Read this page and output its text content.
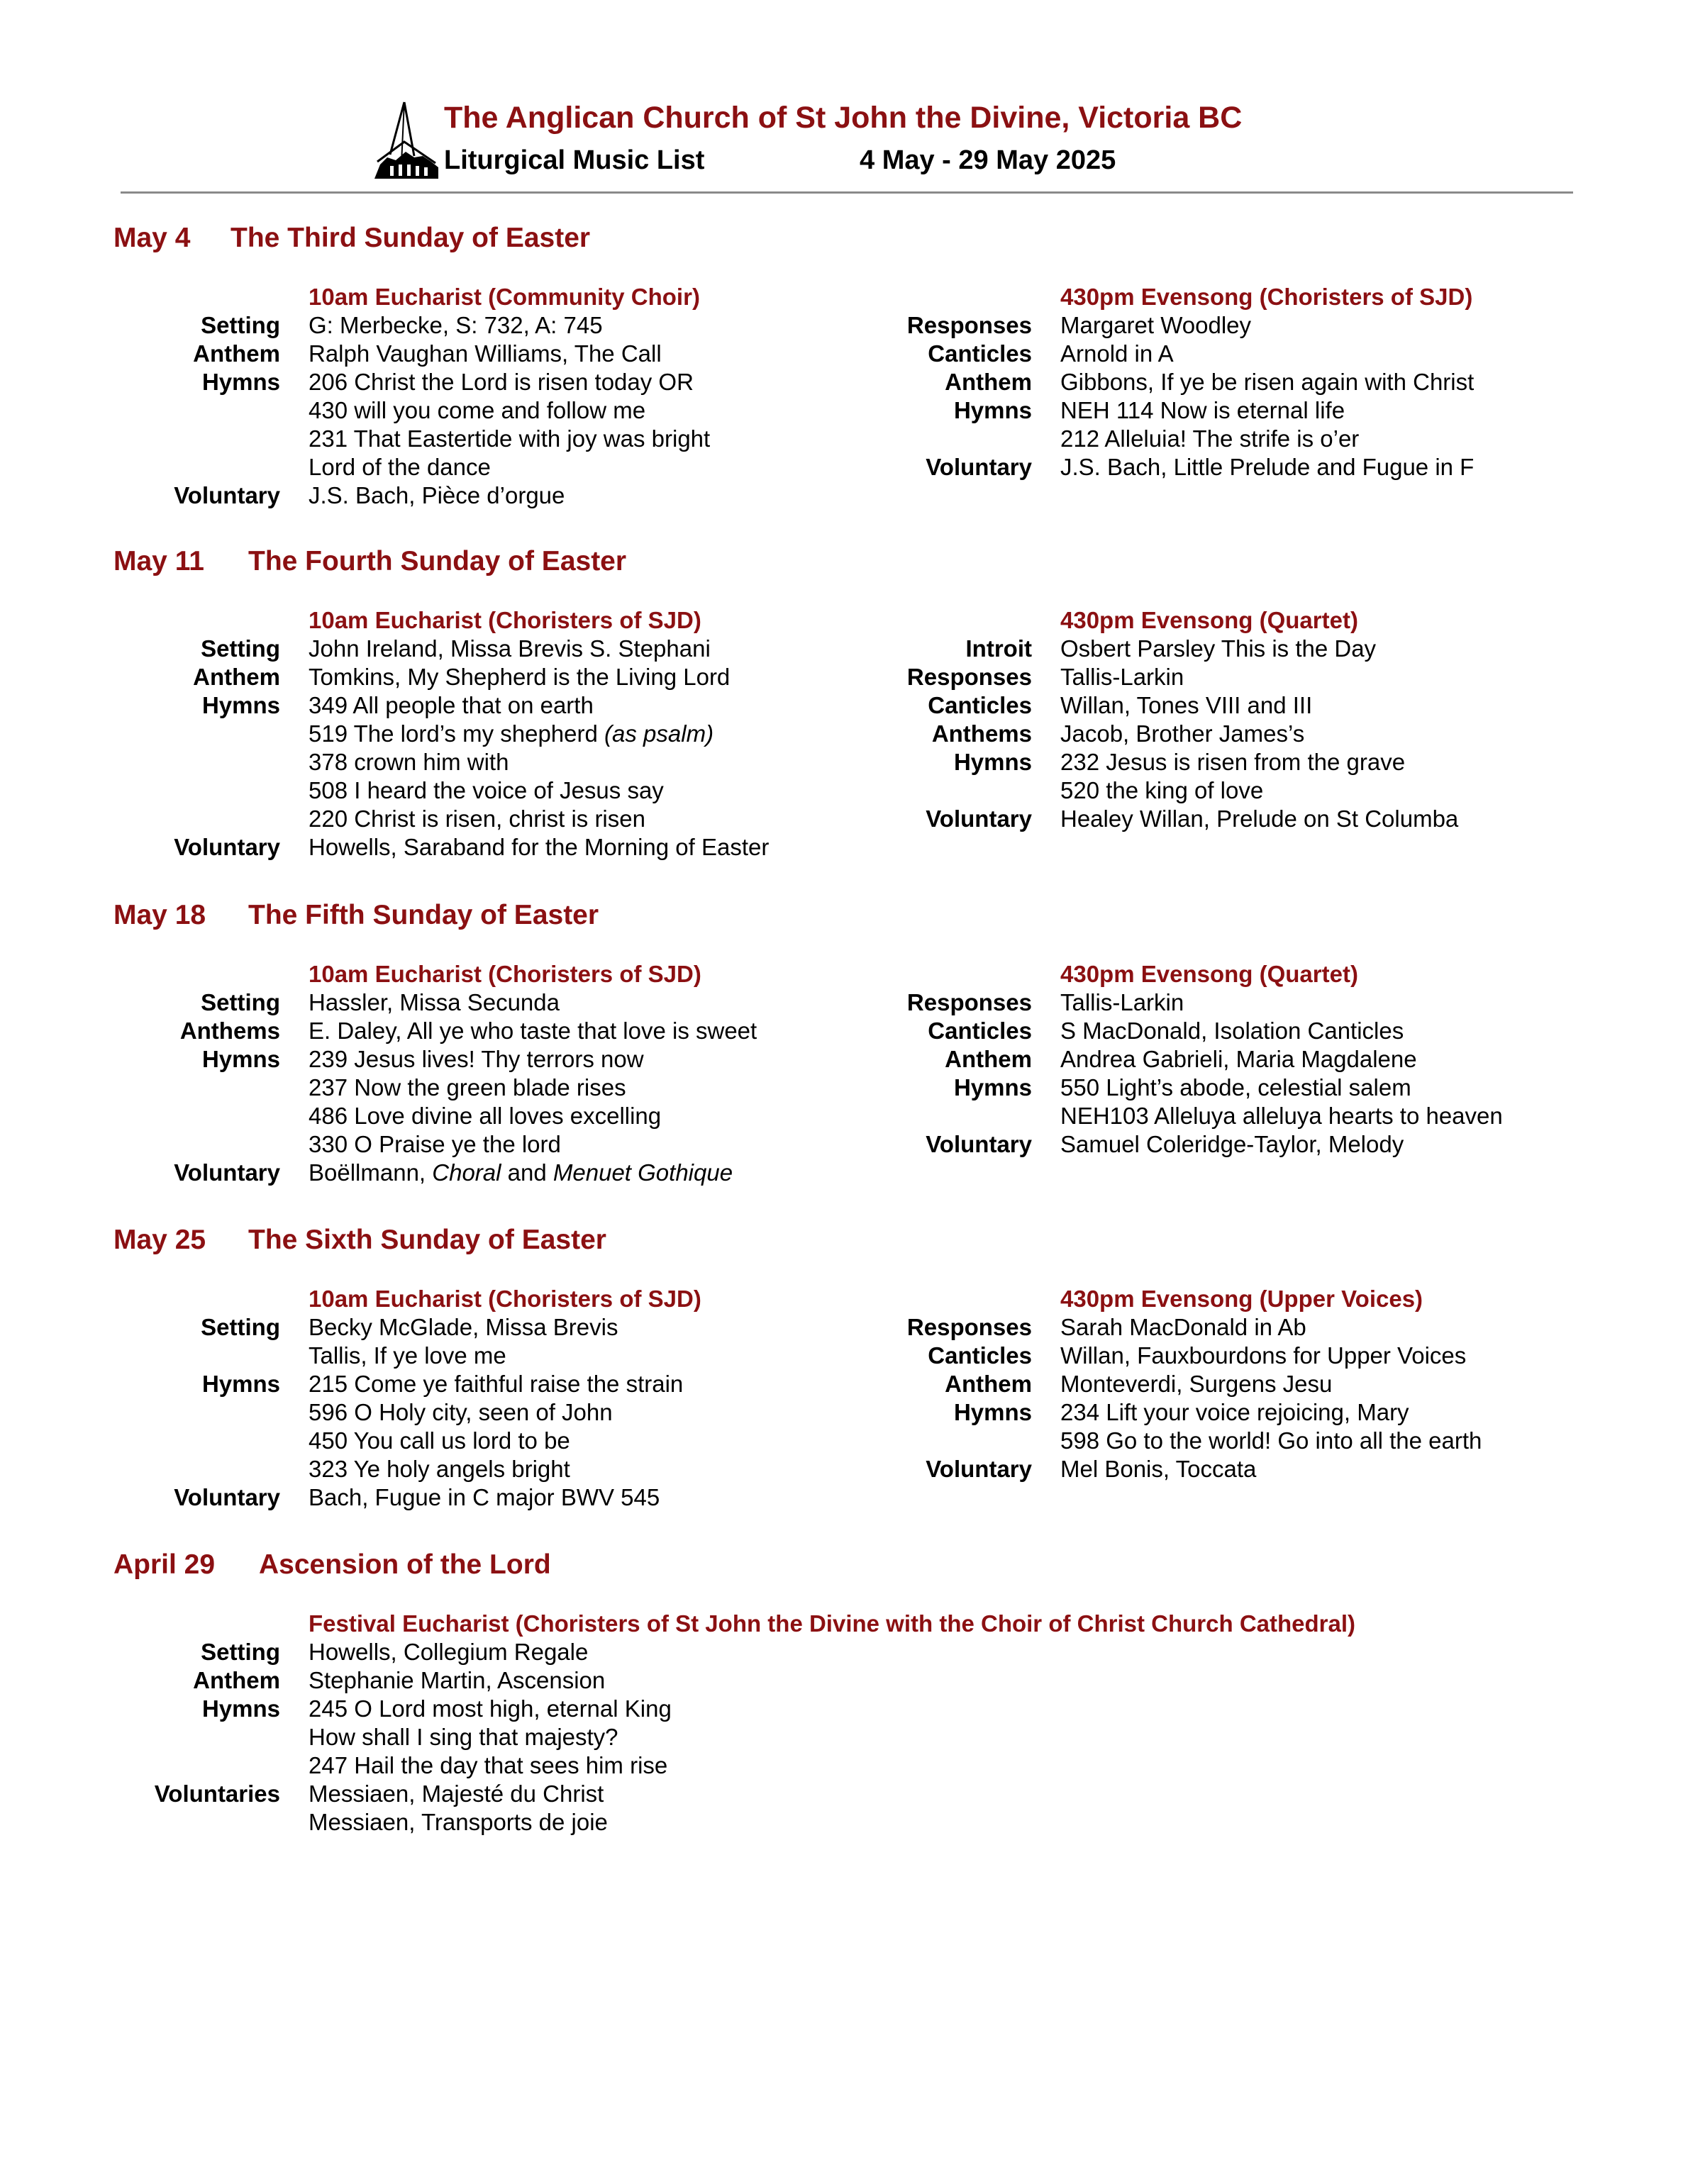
The Anglican Church of St John the Divine, Victoria BC
Liturgical Music List	4 May - 29 May 2025
May 4 The Third Sunday of Easter
10am Eucharist (Community Choir)
Setting G: Merbecke, S: 732, A: 745
Anthem Ralph Vaughan Williams, The Call
Hymns 206 Christ the Lord is risen today OR
430 will you come and follow me
231 That Eastertide with joy was bright
Lord of the dance
Voluntary J.S. Bach, Pièce d’orgue
430pm Evensong (Choristers of SJD)
Responses Margaret Woodley
Canticles Arnold in A
Anthem Gibbons, If ye be risen again with Christ
Hymns NEH 114 Now is eternal life
212 Alleluia! The strife is o’er
Voluntary J.S. Bach, Little Prelude and Fugue in F
May 11 The Fourth Sunday of Easter
10am Eucharist (Choristers of SJD)
Setting John Ireland, Missa Brevis S. Stephani
Anthem Tomkins, My Shepherd is the Living Lord
Hymns 349 All people that on earth
519 The lord’s my shepherd (as psalm)
378 crown him with
508 I heard the voice of Jesus say
220 Christ is risen, christ is risen
Voluntary Howells, Saraband for the Morning of Easter
430pm Evensong (Quartet)
Introit Osbert Parsley This is the Day
Responses Tallis-Larkin
Canticles Willan, Tones VIII and III
Anthems Jacob, Brother James’s
Hymns 232 Jesus is risen from the grave
520 the king of love
Voluntary Healey Willan, Prelude on St Columba
May 18 The Fifth Sunday of Easter
10am Eucharist (Choristers of SJD)
Setting Hassler, Missa Secunda
Anthems E. Daley, All ye who taste that love is sweet
Hymns 239 Jesus lives! Thy terrors now
237 Now the green blade rises
486 Love divine all loves excelling
330 O Praise ye the lord
Voluntary Boëllmann, Choral and Menuet Gothique
430pm Evensong (Quartet)
Responses Tallis-Larkin
Canticles S MacDonald, Isolation Canticles
Anthem Andrea Gabrieli, Maria Magdalene
Hymns 550 Light’s abode, celestial salem
NEH103 Alleluya alleluya hearts to heaven
Voluntary Samuel Coleridge-Taylor, Melody
May 25 The Sixth Sunday of Easter
10am Eucharist (Choristers of SJD)
Setting Becky McGlade, Missa Brevis
Tallis, If ye love me
Hymns 215 Come ye faithful raise the strain
596 O Holy city, seen of John
450 You call us lord to be
323 Ye holy angels bright
Voluntary Bach, Fugue in C major BWV 545
430pm Evensong (Upper Voices)
Responses Sarah MacDonald in Ab
Canticles Willan, Fauxbourdons for Upper Voices
Anthem Monteverdi, Surgens Jesu
Hymns 234 Lift your voice rejoicing, Mary
598 Go to the world! Go into all the earth
Voluntary Mel Bonis, Toccata
April 29 Ascension of the Lord
Festival Eucharist (Choristers of St John the Divine with the Choir of Christ Church Cathedral)
Setting Howells, Collegium Regale
Anthem Stephanie Martin, Ascension
Hymns 245 O Lord most high, eternal King
How shall I sing that majesty?
247 Hail the day that sees him rise
Voluntaries Messiaen, Majesté du Christ
Messiaen, Transports de joie
